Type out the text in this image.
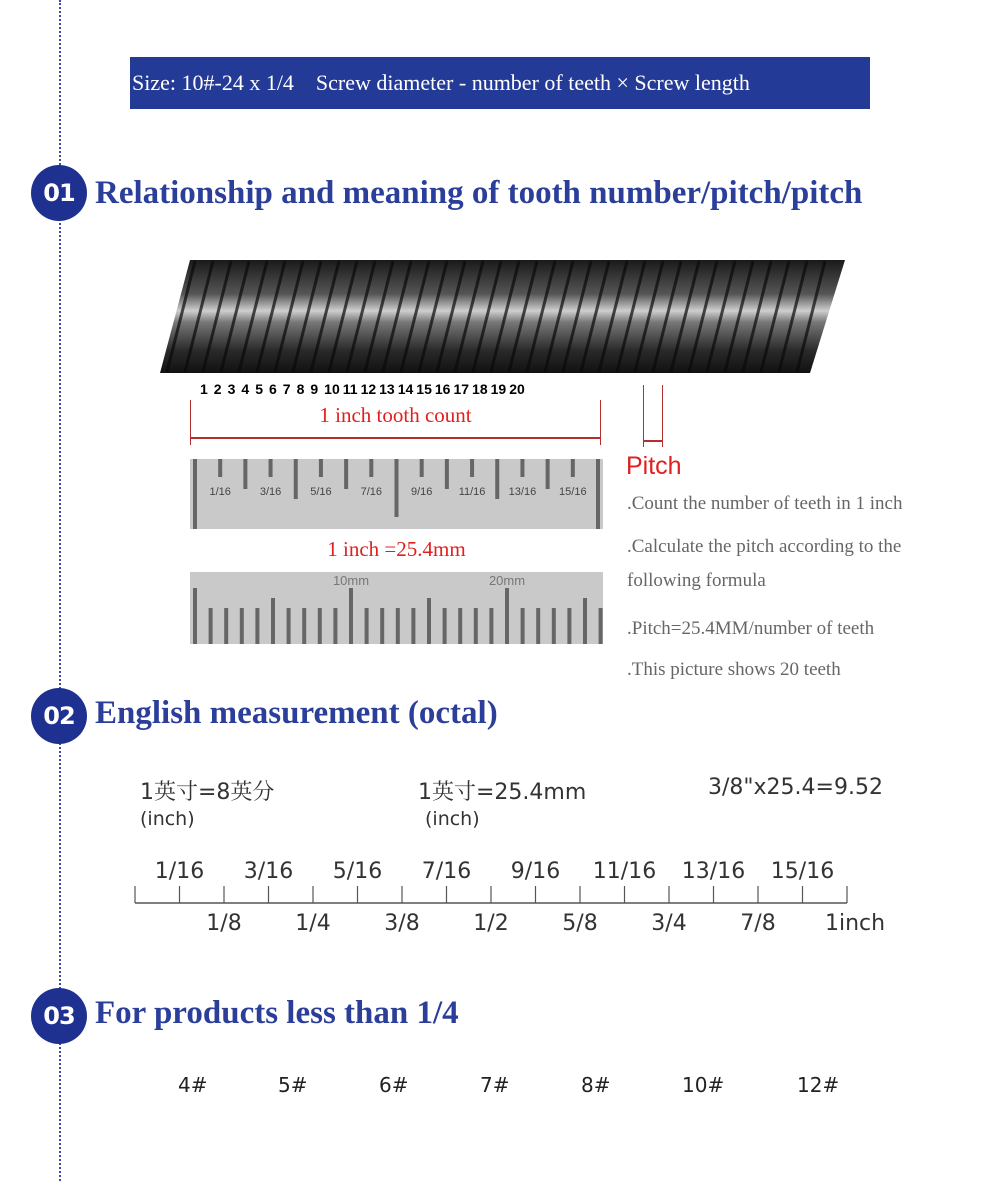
Size: 10#-24 x 1/4    Screw diameter - number of teeth × Screw length
01 Relationship and meaning of tooth number/pitch/pitch
1 2 3 4 5 6 7 8 9 10 11 12 13 14 15 16 17 18 19 20
1 inch tooth count
Pitch
1/16	3/16	5/16	7/16	9/16 11/16 13/16 15/16
1 inch =25.4mm
10mm	20mm
.Count the number of teeth in 1 inch
.Calculate the pitch according to the
following formula
.Pitch=25.4MM/number of teeth
.This picture shows 20 teeth
02 English measurement (octal)
1英寸=8英分
(inch)
1英寸=25.4mm
(inch)
3/8"x25.4=9.52
1/16 3/16 5/16 7/16 9/16 11/16 13/16 15/16
1/8 1/4 3/8 1/2 5/8 3/4 7/8 1inch
03 For products less than 1/4
4#	5#	6#	7#	8#	10#	12#
